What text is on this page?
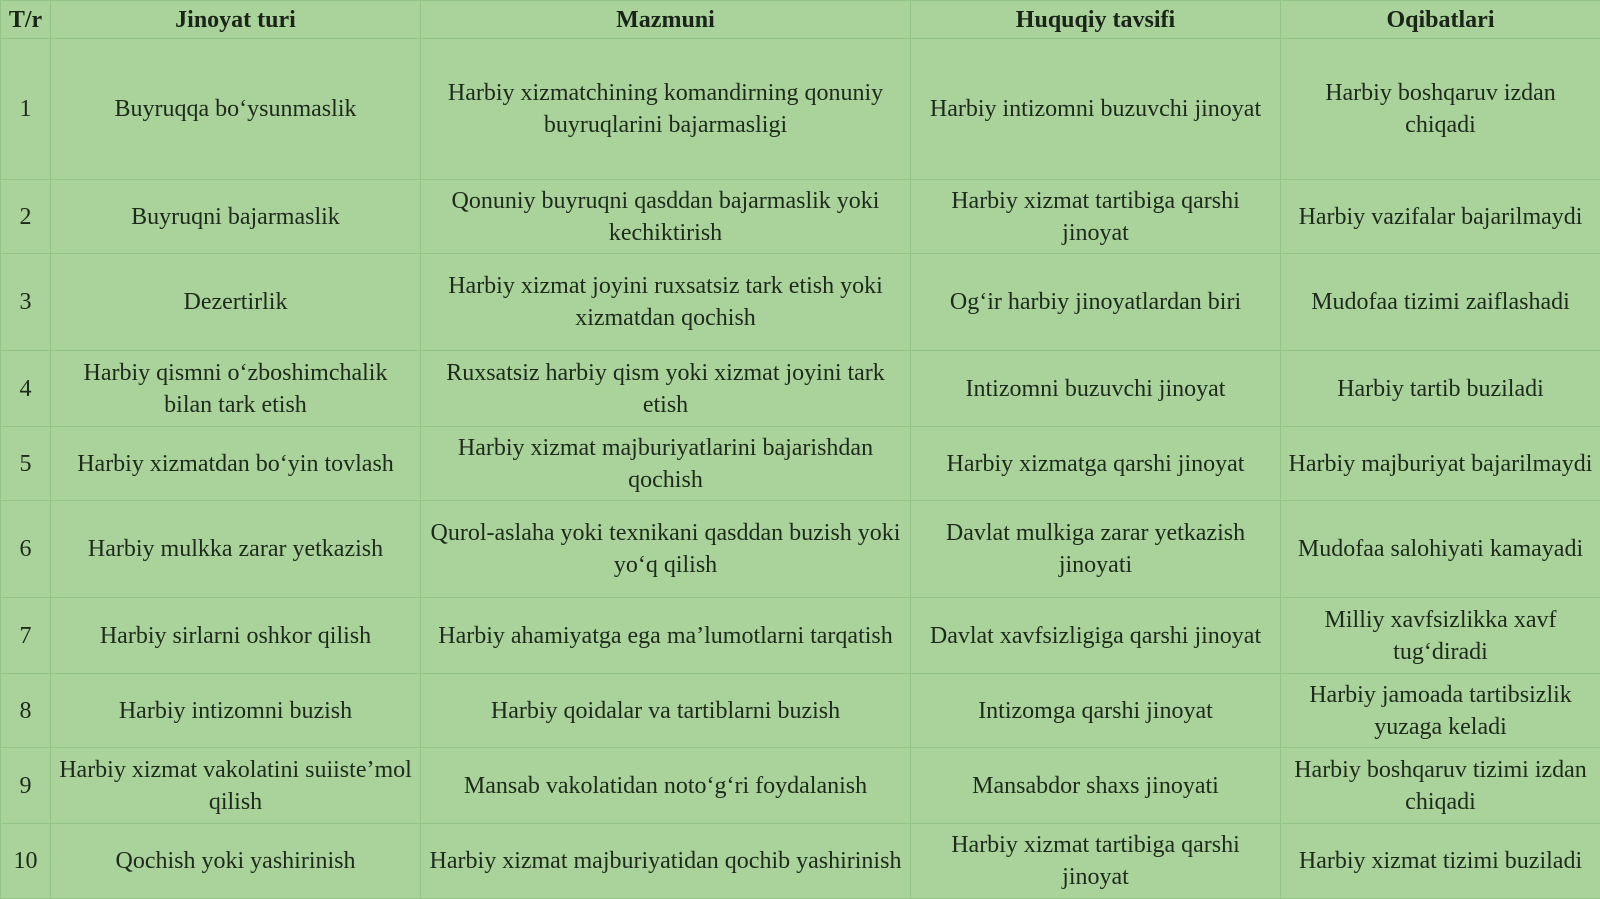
T/r	Jinoyat turi	Mazmuni	Huquqiy tavsifi	Oqibatlari
1	Buyruqqa bo‘ysunmaslik	Harbiy xizmatchining komandirning qonuniy buyruqlarini bajarmasligi	Harbiy intizomni buzuvchi jinoyat	Harbiy boshqaruv izdan chiqadi
2	Buyruqni bajarmaslik	Qonuniy buyruqni qasddan bajarmaslik yoki kechiktirish	Harbiy xizmat tartibiga qarshi jinoyat	Harbiy vazifalar bajarilmaydi
3	Dezertirlik	Harbiy xizmat joyini ruxsatsiz tark etish yoki xizmatdan qochish	Og‘ir harbiy jinoyatlardan biri	Mudofaa tizimi zaiflashadi
4	Harbiy qismni o‘zboshimchalik bilan tark etish	Ruxsatsiz harbiy qism yoki xizmat joyini tark etish	Intizomni buzuvchi jinoyat	Harbiy tartib buziladi
5	Harbiy xizmatdan bo‘yin tovlash	Harbiy xizmat majburiyatlarini bajarishdan qochish	Harbiy xizmatga qarshi jinoyat	Harbiy majburiyat bajarilmaydi
6	Harbiy mulkka zarar yetkazish	Qurol-aslaha yoki texnikani qasddan buzish yoki yo‘q qilish	Davlat mulkiga zarar yetkazish jinoyati	Mudofaa salohiyati kamayadi
7	Harbiy sirlarni oshkor qilish	Harbiy ahamiyatga ega ma’lumotlarni tarqatish	Davlat xavfsizligiga qarshi jinoyat	Milliy xavfsizlikka xavf tug‘diradi
8	Harbiy intizomni buzish	Harbiy qoidalar va tartiblarni buzish	Intizomga qarshi jinoyat	Harbiy jamoada tartibsizlik yuzaga keladi
9	Harbiy xizmat vakolatini suiiste’mol qilish	Mansab vakolatidan noto‘g‘ri foydalanish	Mansabdor shaxs jinoyati	Harbiy boshqaruv tizimi izdan chiqadi
10	Qochish yoki yashirinish	Harbiy xizmat majburiyatidan qochib yashirinish	Harbiy xizmat tartibiga qarshi jinoyat	Harbiy xizmat tizimi buziladi
